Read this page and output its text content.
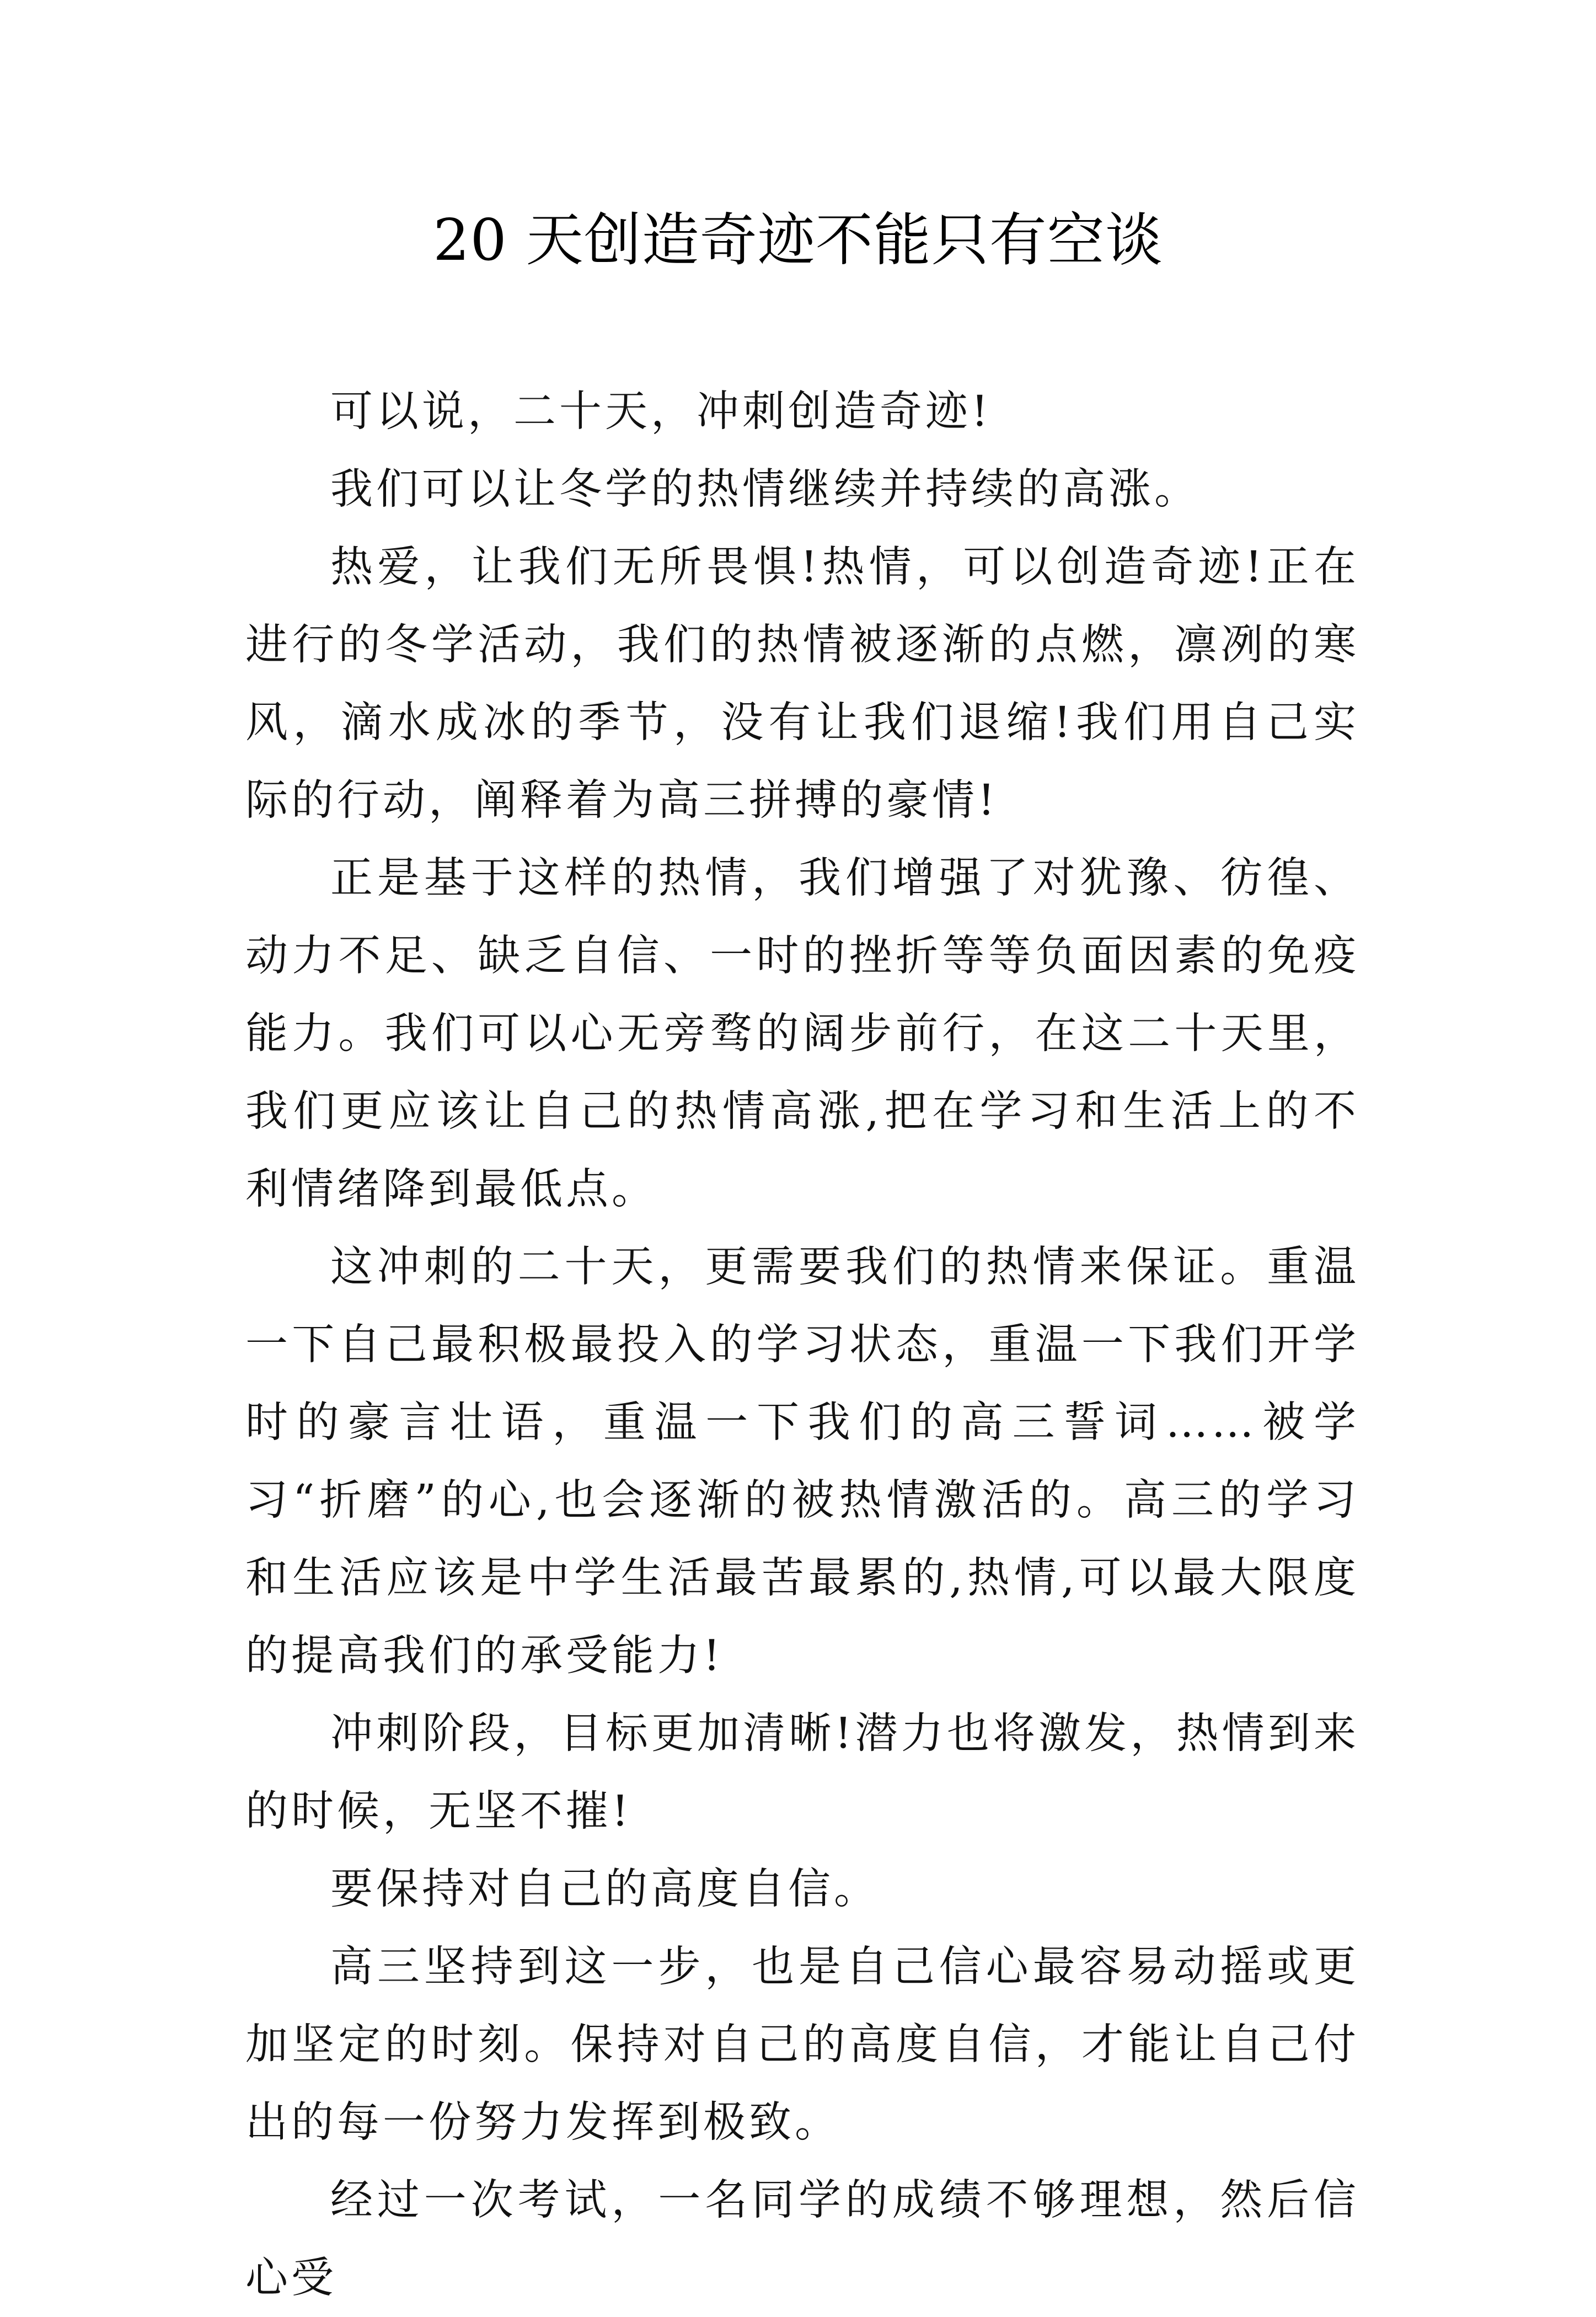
20 天创造奇迹不能只有空谈

可以说，二十天，冲刺创造奇迹!

我们可以让冬学的热情继续并持续的高涨。

热爱，让我们无所畏惧!热情，可以创造奇迹!正在进行的冬学活动，我们的热情被逐渐的点燃，凛冽的寒风，滴水成冰的季节，没有让我们退缩!我们用自己实际的行动，阐释着为高三拼搏的豪情!

正是基于这样的热情，我们增强了对犹豫、彷徨、动力不足、缺乏自信、一时的挫折等等负面因素的免疫能力。我们可以心无旁骛的阔步前行，在这二十天里，我们更应该让自己的热情高涨,把在学习和生活上的不利情绪降到最低点。

这冲刺的二十天，更需要我们的热情来保证。重温一下自己最积极最投入的学习状态，重温一下我们开学时的豪言壮语，重温一下我们的高三誓词……被学习“折磨”的心,也会逐渐的被热情激活的。高三的学习和生活应该是中学生活最苦最累的,热情,可以最大限度的提高我们的承受能力!

冲刺阶段，目标更加清晰!潜力也将激发，热情到来的时候，无坚不摧!

要保持对自己的高度自信。

高三坚持到这一步，也是自己信心最容易动摇或更加坚定的时刻。保持对自己的高度自信，才能让自己付出的每一份努力发挥到极致。

经过一次考试，一名同学的成绩不够理想，然后信心受
